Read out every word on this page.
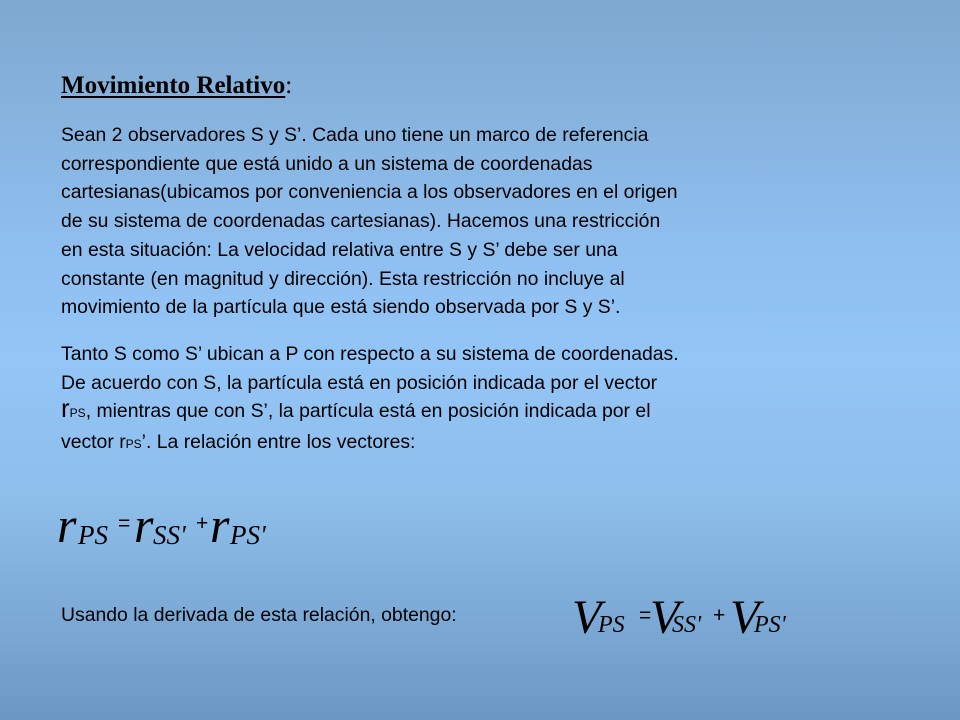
Movimiento Relativo:

Sean 2 observadores S y S’. Cada uno tiene un marco de referencia
correspondiente que está unido a un sistema de coordenadas
cartesianas(ubicamos por conveniencia a los observadores en el origen
de su sistema de coordenadas cartesianas). Hacemos una restricción
en esta situación: La velocidad relativa entre S y S’ debe ser una
constante (en magnitud y dirección). Esta restricción no incluye al
movimiento de la partícula que está siendo observada por S y S’.

Tanto S como S’ ubican a P con respecto a su sistema de coordenadas.
De acuerdo con S, la partícula está en posición indicada por el vector
rPS, mientras que con S’, la partícula está en posición indicada por el
vector rPS’. La relación entre los vectores:

r PS = r SS' + r PS'
Usando la derivada de esta relación, obtengo: V
PS =
V
SS' + V
PS'
